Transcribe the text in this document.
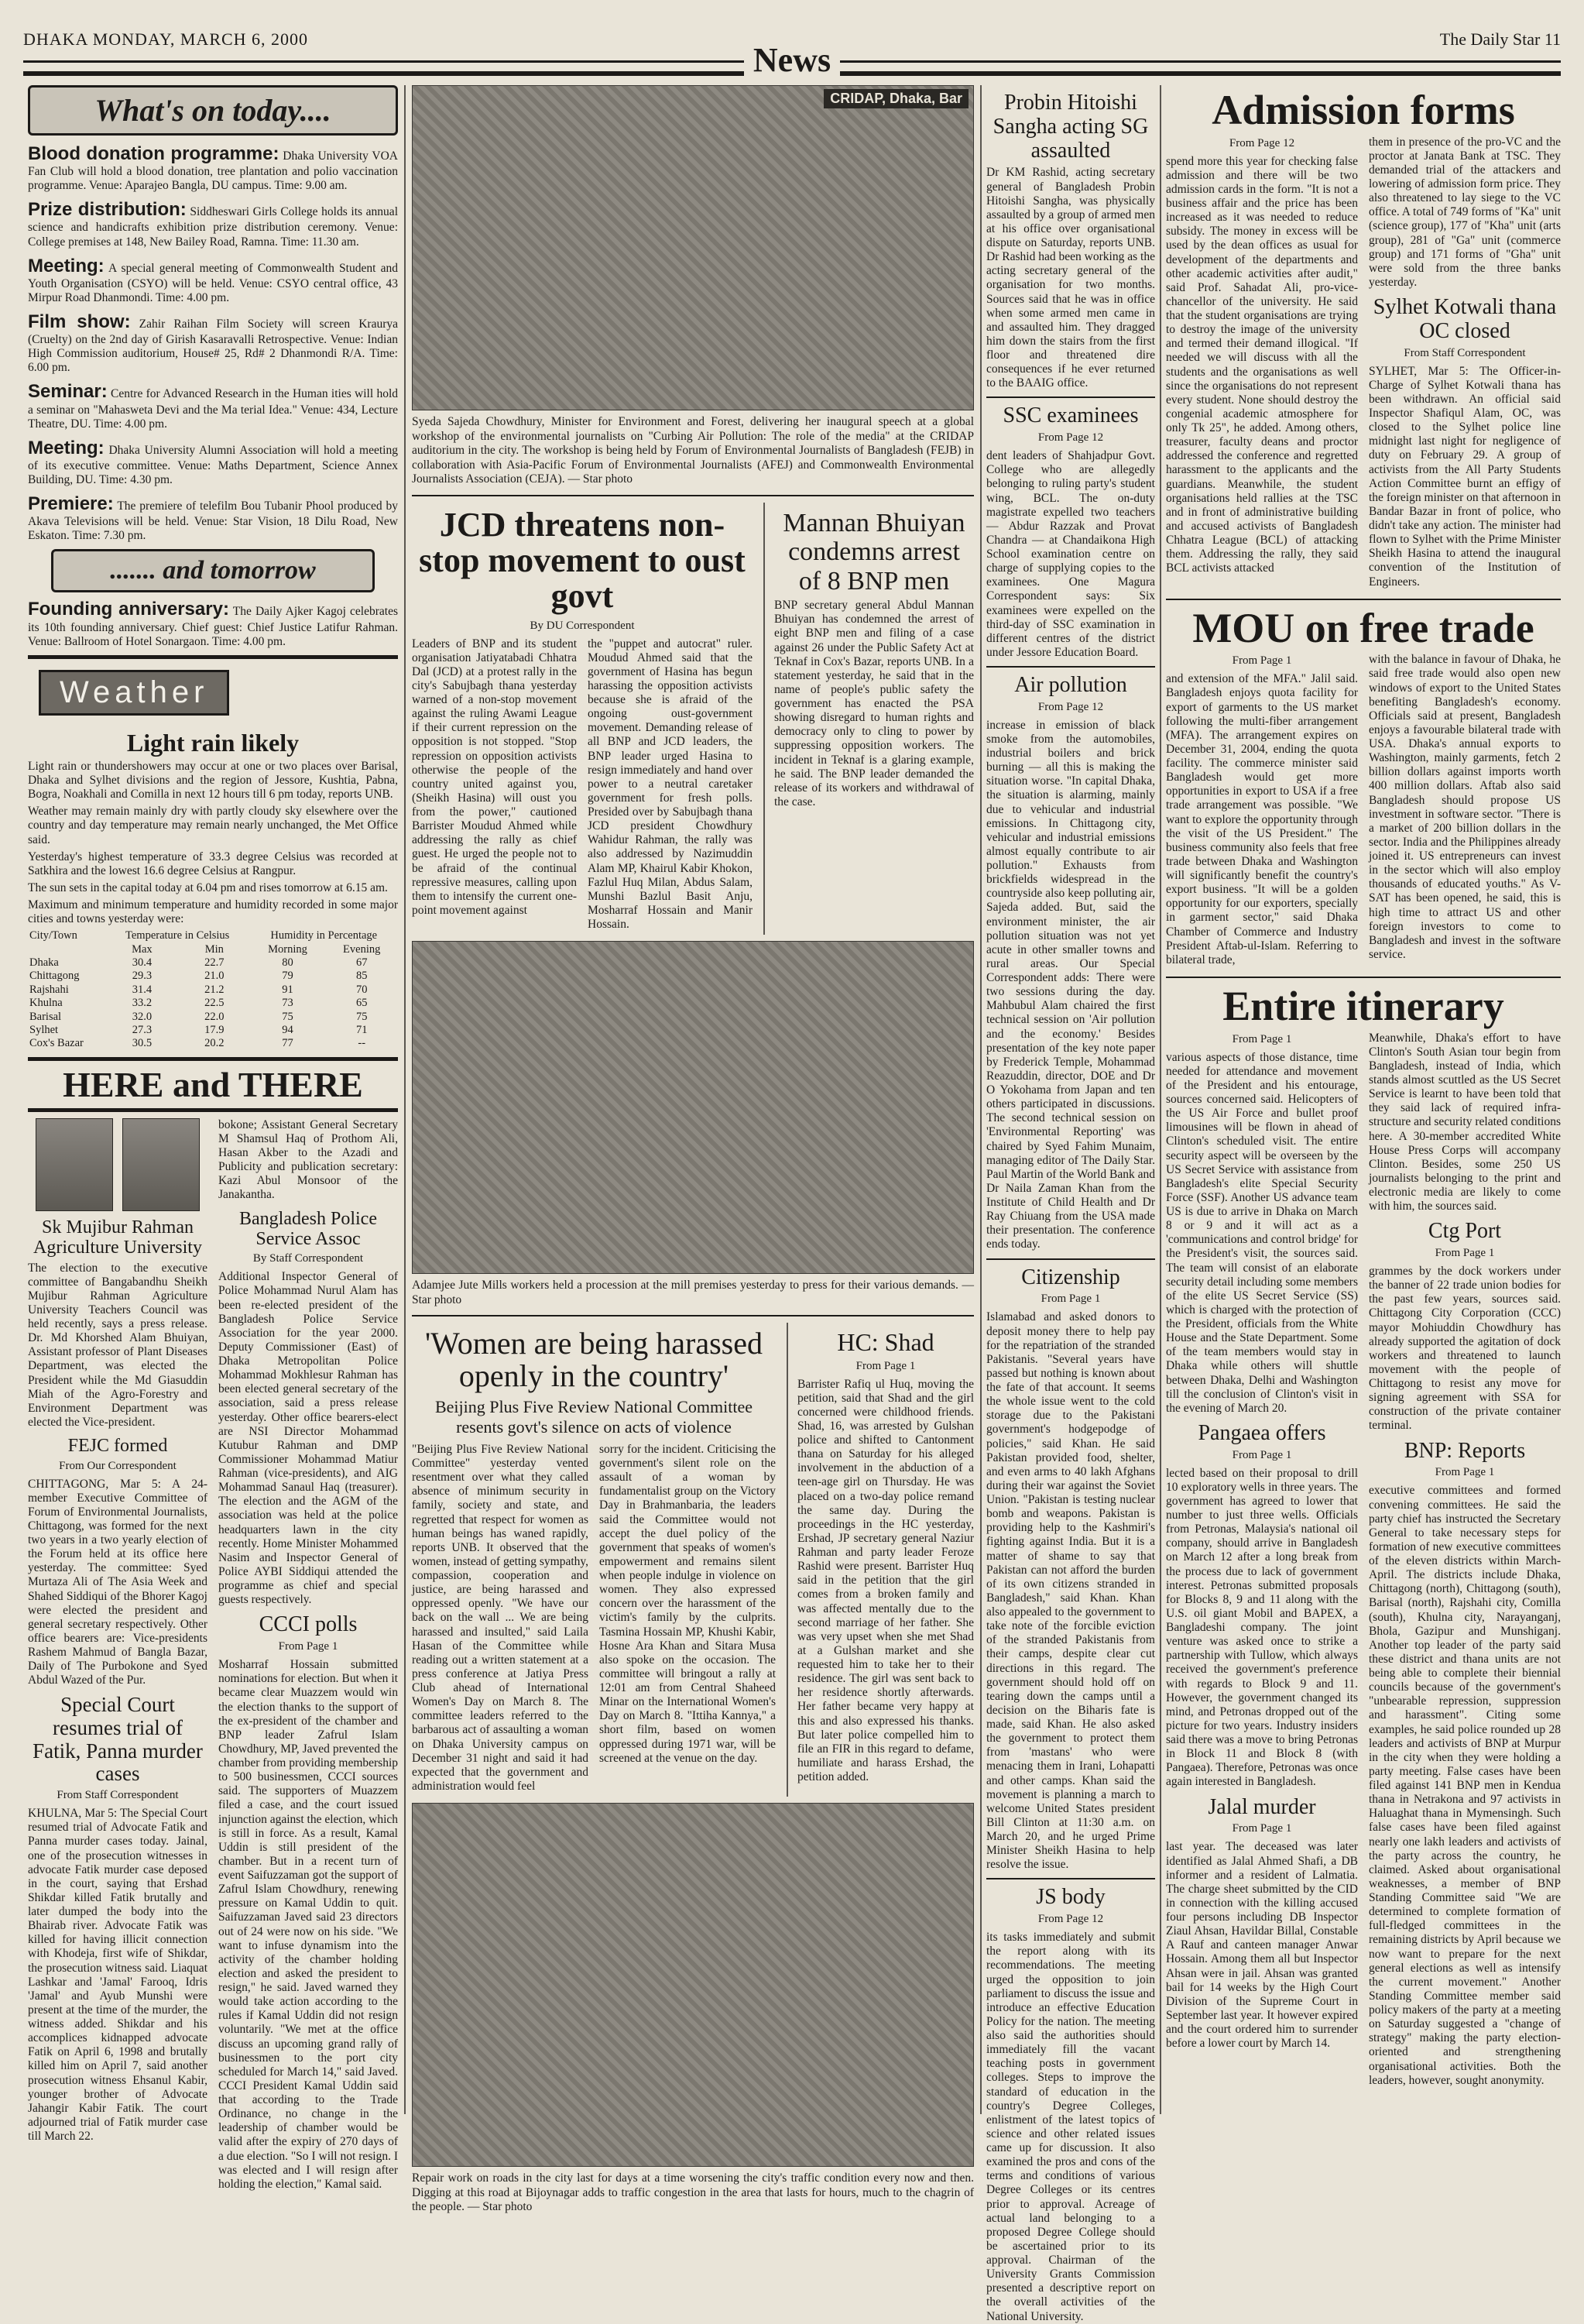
DHAKA MONDAY, MARCH 6, 2000
News
The Daily Star 11
What's on today....
Blood donation programme: Dhaka University VOA Fan Club will hold a blood donation, tree plantation and polio vaccination programme. Venue: Aparajeo Bangla, DU campus. Time: 9.00 am.
Prize distribution: Siddheswari Girls College holds its annual science and handicrafts exhibition prize distribution ceremony. Venue: College premises at 148, New Bailey Road, Ramna. Time: 11.30 am.
Meeting: A special general meeting of Commonwealth Student and Youth Organisation (CSYO) will be held. Venue: CSYO central office, 43 Mirpur Road Dhanmondi. Time: 4.00 pm.
Film show: Zahir Raihan Film Society will screen Kraurya (Cruelty) on the 2nd day of Girish Kasaravalli Retrospective. Venue: Indian High Commission auditorium, House# 25, Rd# 2 Dhanmondi R/A. Time: 6.00 pm.
Seminar: Centre for Advanced Research in the Human ities will hold a seminar on "Mahasweta Devi and the Ma terial Idea." Venue: 434, Lecture Theatre, DU. Time: 4.00 pm.
Meeting: Dhaka University Alumni Association will hold a meeting of its executive committee. Venue: Maths Department, Science Annex Building, DU. Time: 4.30 pm.
Premiere: The premiere of telefilm Bou Tubanir Phool produced by Akava Televisions will be held. Venue: Star Vision, 18 Dilu Road, New Eskaton. Time: 7.30 pm.
....... and tomorrow
Founding anniversary: The Daily Ajker Kagoj celebrates its 10th founding anniversary. Chief guest: Chief Justice Latifur Rahman. Venue: Ballroom of Hotel Sonargaon. Time: 4.00 pm.
Weather
Light rain likely

Light rain or thundershowers may occur at one or two places over Barisal, Dhaka and Sylhet divisions and the region of Jessore, Kushtia, Pabna, Bogra, Noakhali and Comilla in next 12 hours till 6 pm today, reports UNB.

Weather may remain mainly dry with partly cloudy sky elsewhere over the country and day temperature may remain nearly unchanged, the Met Office said.

Yesterday's highest temperature of 33.3 degree Celsius was recorded at Satkhira and the lowest 16.6 degree Celsius at Rangpur.

The sun sets in the capital today at 6.04 pm and rises tomorrow at 6.15 am.

Maximum and minimum temperature and humidity recorded in some major cities and towns yesterday were:

City/Town	Temperature in Celsius		Humidity in Percentage	
	Max	Min	Morning	Evening
Dhaka	30.4	22.7	80	67
Chittagong	29.3	21.0	79	85
Rajshahi	31.4	21.2	91	70
Khulna	33.2	22.5	73	65
Barisal	32.0	22.0	75	75
Sylhet	27.3	17.9	94	71
Cox's Bazar	30.5	20.2	77	--
HERE and THERE
Sk Mujibur Rahman Agriculture University

The election to the executive committee of Bangabandhu Sheikh Mujibur Rahman Agriculture University Teachers Council was held recently, says a press release. Dr. Md Khorshed Alam Bhuiyan, Assistant professor of Plant Diseases Department, was elected the President while the Md Giasuddin Miah of the Agro-Forestry and Environment Department was elected the Vice-president.

FEJC formed
From Our Correspondent

CHITTAGONG, Mar 5: A 24-member Executive Committee of Forum of Environmental Journalists, Chittagong, was formed for the next two years in a two yearly election of the Forum held at its office here yesterday. The committee: Syed Murtaza Ali of The Asia Week and Shahed Siddiqui of the Bhorer Kagoj were elected the president and general secretary respectively. Other office bearers are: Vice-presidents Rashem Mahmud of Bangla Bazar, Daily of The Purbokone and Syed Abdul Wazed of the Pur.

Special Court resumes trial of Fatik, Panna murder cases
From Staff Correspondent

KHULNA, Mar 5: The Special Court resumed trial of Advocate Fatik and Panna murder cases today. Jainal, one of the prosecution witnesses in advocate Fatik murder case deposed in the court, saying that Ershad Shikdar killed Fatik brutally and later dumped the body into the Bhairab river. Advocate Fatik was killed for having illicit connection with Khodeja, first wife of Shikdar, the prosecution witness said. Liaquat Lashkar and 'Jamal' Farooq, Idris 'Jamal' and Ayub Munshi were present at the time of the murder, the witness added. Shikdar and his accomplices kidnapped advocate Fatik on April 6, 1998 and brutally killed him on April 7, said another prosecution witness Ehsanul Kabir, younger brother of Advocate Jahangir Kabir Fatik. The court adjourned trial of Fatik murder case till March 22.

bokone; Assistant General Secretary M Shamsul Haq of Prothom Ali, Hasan Akber to the Azadi and Publicity and publication secretary: Kazi Abul Monsoor of the Janakantha.

Bangladesh Police Service Assoc
By Staff Correspondent

Additional Inspector General of Police Mohammad Nurul Alam has been re-elected president of the Bangladesh Police Service Association for the year 2000. Deputy Commissioner (East) of Dhaka Metropolitan Police Mohammad Mokhlesur Rahman has been elected general secretary of the association, said a press release yesterday. Other office bearers-elect are NSI Director Mohammad Kutubur Rahman and DMP Commissioner Mohammad Matiur Rahman (vice-presidents), and AIG Mohammad Sanaul Haq (treasurer). The election and the AGM of the association was held at the police headquarters lawn in the city recently. Home Minister Mohammed Nasim and Inspector General of Police AYBI Siddiqui attended the programme as chief and special guests respectively.

CCCI polls
From Page 1

Mosharraf Hossain submitted nominations for election. But when it became clear Muazzem would win the election thanks to the support of the ex-president of the chamber and BNP leader Zafrul Islam Chowdhury, MP, Javed prevented the chamber from providing membership to 500 businessmen, CCCI sources said. The supporters of Muazzem filed a case, and the court issued injunction against the election, which is still in force. As a result, Kamal Uddin is still president of the chamber. But in a recent turn of event Saifuzzaman got the support of Zafrul Islam Chowdhury, renewing pressure on Kamal Uddin to quit. Saifuzzaman Javed said 23 directors out of 24 were now on his side. "We want to infuse dynamism into the activity of the chamber holding election and asked the president to resign," he said. Javed warned they would take action according to the rules if Kamal Uddin did not resign voluntarily. "We met at the office discuss an upcoming grand rally of businessmen to the port city scheduled for March 14," said Javed. CCCI President Kamal Uddin said that according to the Trade Ordinance, no change in the leadership of chamber would be valid after the expiry of 270 days of a due election. "So I will not resign. I was elected and I will resign after holding the election," Kamal said.

CRIDAP, Dhaka, Bar

Syeda Sajeda Chowdhury, Minister for Environment and Forest, delivering her inaugural speech at a global workshop of the environmental journalists on "Curbing Air Pollution: The role of the media" at the CRIDAP auditorium in the city. The workshop is being held by Forum of Environmental Journalists of Bangladesh (FEJB) in collaboration with Asia-Pacific Forum of Environmental Journalists (AFEJ) and Commonwealth Environmental Journalists Association (CEJA). — Star photo

JCD threatens non-stop movement to oust govt
By DU Correspondent

Leaders of BNP and its student organisation Jatiyatabadi Chhatra Dal (JCD) at a protest rally in the city's Sabujbagh thana yesterday warned of a non-stop movement against the ruling Awami League if their current repression on the opposition is not stopped. "Stop repression on opposition activists otherwise the people of the country united against you, (Sheikh Hasina) will oust you from the power," cautioned Barrister Moudud Ahmed while addressing the rally as chief guest. He urged the people not to be afraid of the continual repressive measures, calling upon them to intensify the current one-point movement against

the "puppet and autocrat" ruler. Moudud Ahmed said that the government of Hasina has begun harassing the opposition activists because she is afraid of the ongoing oust-government movement. Demanding release of all BNP and JCD leaders, the BNP leader urged Hasina to resign immediately and hand over power to a neutral caretaker government for fresh polls. Presided over by Sabujbagh thana JCD president Chowdhury Wahidur Rahman, the rally was also addressed by Nazimuddin Alam MP, Khairul Kabir Khokon, Fazlul Huq Milan, Abdus Salam, Munshi Bazlul Basit Anju, Mosharraf Hossain and Manir Hossain.

Mannan Bhuiyan condemns arrest of 8 BNP men

BNP secretary general Abdul Mannan Bhuiyan has condemned the arrest of eight BNP men and filing of a case against 26 under the Public Safety Act at Teknaf in Cox's Bazar, reports UNB. In a statement yesterday, he said that in the name of people's public safety the government has enacted the PSA showing disregard to human rights and democracy only to cling to power by suppressing opposition workers. The incident in Teknaf is a glaring example, he said. The BNP leader demanded the release of its workers and withdrawal of the case.

Adamjee Jute Mills workers held a procession at the mill premises yesterday to press for their various demands. — Star photo

'Women are being harassed openly in the country'
Beijing Plus Five Review National Committee resents govt's silence on acts of violence

"Beijing Plus Five Review National Committee" yesterday vented resentment over what they called absence of minimum security in family, society and state, and regretted that respect for women as human beings has waned rapidly, reports UNB. It observed that the women, instead of getting sympathy, compassion, cooperation and justice, are being harassed and oppressed openly. "We have our back on the wall ... We are being harassed and insulted," said Laila Hasan of the Committee while reading out a written statement at a press conference at Jatiya Press Club ahead of International Women's Day on March 8. The committee leaders referred to the barbarous act of assaulting a woman on Dhaka University campus on December 31 night and said it had expected that the government and administration would feel

sorry for the incident. Criticising the government's silent role on the assault of a woman by fundamentalist group on the Victory Day in Brahmanbaria, the leaders said the Committee would not accept the duel policy of the government that speaks of women's empowerment and remains silent when people indulge in violence on women. They also expressed concern over the harassment of the victim's family by the culprits. Tasmina Hossain MP, Khushi Kabir, Hosne Ara Khan and Sitara Musa also spoke on the occasion. The committee will bringout a rally at 12:01 am from Central Shaheed Minar on the International Women's Day on March 8. "Ittiha Kannya," a short film, based on women oppressed during 1971 war, will be screened at the venue on the day.

HC: Shad
From Page 1

Barrister Rafiq ul Huq, moving the petition, said that Shad and the girl concerned were childhood friends. Shad, 16, was arrested by Gulshan police and shifted to Cantonment thana on Saturday for his alleged involvement in the abduction of a teen-age girl on Thursday. He was placed on a two-day police remand the same day. During the proceedings in the HC yesterday, Ershad, JP secretary general Naziur Rahman and party leader Feroze Rashid were present. Barrister Huq said in the petition that the girl comes from a broken family and was affected mentally due to the second marriage of her father. She was very upset when she met Shad at a Gulshan market and she requested him to take her to their residence. The girl was sent back to her residence shortly afterwards. Her father became very happy at this and also expressed his thanks. But later police compelled him to file an FIR in this regard to defame, humiliate and harass Ershad, the petition added.

Repair work on roads in the city last for days at a time worsening the city's traffic condition every now and then. Digging at this road at Bijoynagar adds to traffic congestion in the area that lasts for hours, much to the chagrin of the people. — Star photo

Probin Hitoishi Sangha acting SG assaulted

Dr KM Rashid, acting secretary general of Bangladesh Probin Hitoishi Sangha, was physically assaulted by a group of armed men at his office over organisational dispute on Saturday, reports UNB. Dr Rashid had been working as the acting secretary general of the organisation for two months. Sources said that he was in office when some armed men came in and assaulted him. They dragged him down the stairs from the first floor and threatened dire consequences if he ever returned to the BAAIG office.

SSC examinees
From Page 12

dent leaders of Shahjadpur Govt. College who are allegedly belonging to ruling party's student wing, BCL. The on-duty magistrate expelled two teachers — Abdur Razzak and Provat Chandra — at Chandaikona High School examination centre on charge of supplying copies to the examinees. One Magura Correspondent says: Six examinees were expelled on the third-day of SSC examination in different centres of the district under Jessore Education Board.

Air pollution
From Page 12

increase in emission of black smoke from the automobiles, industrial boilers and brick burning — all this is making the situation worse. "In capital Dhaka, the situation is alarming, mainly due to vehicular and industrial emissions. In Chittagong city, vehicular and industrial emissions almost equally contribute to air pollution." Exhausts from brickfields widespread in the countryside also keep polluting air, Sajeda added. But, said the environment minister, the air pollution situation was not yet acute in other smaller towns and rural areas. Our Special Correspondent adds: There were two sessions during the day. Mahbubul Alam chaired the first technical session on 'Air pollution and the economy.' Besides presentation of the key note paper by Frederick Temple, Mohammad Reazuddin, director, DOE and Dr O Yokohama from Japan and ten others participated in discussions. The second technical session on 'Environmental Reporting' was chaired by Syed Fahim Munaim, managing editor of The Daily Star. Paul Martin of the World Bank and Dr Naila Zaman Khan from the Institute of Child Health and Dr Ray Chiuang from the USA made their presentation. The conference ends today.

Citizenship
From Page 1

Islamabad and asked donors to deposit money there to help pay for the repatriation of the stranded Pakistanis. "Several years have passed but nothing is known about the fate of that account. It seems the whole issue went to the cold storage due to the Pakistani government's hodgepodge of policies," said Khan. He said Pakistan provided food, shelter, and even arms to 40 lakh Afghans during their war against the Soviet Union. "Pakistan is testing nuclear bomb and weapons. Pakistan is providing help to the Kashmiri's fighting against India. But it is a matter of shame to say that Pakistan can not afford the burden of its own citizens stranded in Bangladesh," said Khan. Khan also appealed to the government to take note of the forcible eviction of the stranded Pakistanis from their camps, despite clear cut directions in this regard. The government should hold off on tearing down the camps until a decision on the Biharis fate is made, said Khan. He also asked the government to protect them from 'mastans' who were menacing them in Irani, Lohapatti and other camps. Khan said the movement is planning a march to welcome United States president Bill Clinton at 11:30 a.m. on March 20, and he urged Prime Minister Sheikh Hasina to help resolve the issue.

JS body
From Page 12

its tasks immediately and submit the report along with its recommendations. The meeting urged the opposition to join parliament to discuss the issue and introduce an effective Education Policy for the nation. The meeting also said the authorities should immediately fill the vacant teaching posts in government colleges. Steps to improve the standard of education in the country's Degree Colleges, enlistment of the latest topics of science and other related issues came up for discussion. It also examined the pros and cons of the terms and conditions of various Degree Colleges or its centres prior to approval. Acreage of actual land belonging to a proposed Degree College should be ascertained prior to its approval. Chairman of the University Grants Commission presented a descriptive report on the overall activities of the National University.

Admission forms
From Page 12

spend more this year for checking false admission and there will be two admission cards in the form. "It is not a business affair and the price has been increased as it was needed to reduce subsidy. The money in excess will be used by the dean offices as usual for development of the departments and other academic activities after audit," said Prof. Sahadat Ali, pro-vice-chancellor of the university. He said that the student organisations are trying to destroy the image of the university and termed their demand illogical. "If needed we will discuss with all the students and the organisations as well since the organisations do not represent every student. None should destroy the congenial academic atmosphere for only Tk 25", he added. Among others, treasurer, faculty deans and proctor addressed the conference and regretted harassment to the applicants and the guardians. Meanwhile, the student organisations held rallies at the TSC and in front of administrative building and accused activists of Bangladesh Chhatra League (BCL) of attacking them. Addressing the rally, they said BCL activists attacked

them in presence of the pro-VC and the proctor at Janata Bank at TSC. They demanded trial of the attackers and lowering of admission form price. They also threatened to lay siege to the VC office. A total of 749 forms of "Ka" unit (science group), 177 of "Kha" unit (arts group), 281 of "Ga" unit (commerce group) and 171 forms of "Gha" unit were sold from the three banks yesterday.

Sylhet Kotwali thana OC closed
From Staff Correspondent

SYLHET, Mar 5: The Officer-in-Charge of Sylhet Kotwali thana has been withdrawn. An official said Inspector Shafiqul Alam, OC, was closed to the Sylhet police line midnight last night for negligence of duty on February 29. A group of activists from the All Party Students Action Committee burnt an effigy of the foreign minister on that afternoon in Bandar Bazar in front of police, who didn't take any action. The minister had flown to Sylhet with the Prime Minister Sheikh Hasina to attend the inaugural convention of the Institution of Engineers.

MOU on free trade
From Page 1

and extension of the MFA." Jalil said. Bangladesh enjoys quota facility for export of garments to the US market following the multi-fiber arrangement (MFA). The arrangement expires on December 31, 2004, ending the quota facility. The commerce minister said Bangladesh would get more opportunities in export to USA if a free trade arrangement was possible. "We want to explore the opportunity through the visit of the US President." The business community also feels that free trade between Dhaka and Washington will significantly benefit the country's export business. "It will be a golden opportunity for our exporters, specially in garment sector," said Dhaka Chamber of Commerce and Industry President Aftab-ul-Islam. Referring to bilateral trade,

with the balance in favour of Dhaka, he said free trade would also open new windows of export to the United States benefiting Bangladesh's economy. Officials said at present, Bangladesh enjoys a favourable bilateral trade with USA. Dhaka's annual exports to Washington, mainly garments, fetch 2 billion dollars against imports worth 400 million dollars. Aftab also said Bangladesh should propose US investment in software sector. "There is a market of 200 billion dollars in the sector. India and the Philippines already joined it. US entrepreneurs can invest in the sector which will also employ thousands of educated youths." As V-SAT has been opened, he said, this is high time to attract US and other foreign investors to come to Bangladesh and invest in the software service.

Entire itinerary
From Page 1

various aspects of those distance, time needed for attendance and movement of the President and his entourage, sources concerned said. Helicopters of the US Air Force and bullet proof limousines will be flown in ahead of Clinton's scheduled visit. The entire security aspect will be overseen by the US Secret Service with assistance from Bangladesh's elite Special Security Force (SSF). Another US advance team US is due to arrive in Dhaka on March 8 or 9 and it will act as a 'communications and control bridge' for the President's visit, the sources said. The team will consist of an elaborate security detail including some members of the elite US Secret Service (SS) which is charged with the protection of the President, officials from the White House and the State Department. Some of the team members would stay in Dhaka while others will shuttle between Dhaka, Delhi and Washington till the conclusion of Clinton's visit in the evening of March 20.

Pangaea offers
From Page 1

lected based on their proposal to drill 10 exploratory wells in three years. The government has agreed to lower that number to just three wells. Officials from Petronas, Malaysia's national oil company, should arrive in Bangladesh on March 12 after a long break from the process due to lack of government interest. Petronas submitted proposals for Blocks 8, 9 and 11 along with the U.S. oil giant Mobil and BAPEX, a Bangladeshi company. The joint venture was asked once to strike a partnership with Tullow, which always received the government's preference with regards to Block 9 and 11. However, the government changed its mind, and Petronas dropped out of the picture for two years. Industry insiders said there was a move to bring Petronas in Block 11 and Block 8 (with Pangaea). Therefore, Petronas was once again interested in Bangladesh.

Jalal murder
From Page 1

last year. The deceased was later identified as Jalal Ahmed Shafi, a DB informer and a resident of Lalmatia. The charge sheet submitted by the CID in connection with the killing accused four persons including DB Inspector Ziaul Ahsan, Havildar Billal, Constable A Rauf and canteen manager Anwar Hossain. Among them all but Inspector Ahsan were in jail. Ahsan was granted bail for 14 weeks by the High Court Division of the Supreme Court in September last year. It however expired and the court ordered him to surrender before a lower court by March 14.

Meanwhile, Dhaka's effort to have Clinton's South Asian tour begin from Bangladesh, instead of India, which stands almost scuttled as the US Secret Service is learnt to have been told that they said lack of required infra-structure and security related conditions here. A 30-member accredited White House Press Corps will accompany Clinton. Besides, some 250 US journalists belonging to the print and electronic media are likely to come with him, the sources said.

Ctg Port
From Page 1

grammes by the dock workers under the banner of 22 trade union bodies for the past few years, sources said. Chittagong City Corporation (CCC) mayor Mohiuddin Chowdhury has already supported the agitation of dock workers and threatened to launch movement with the people of Chittagong to resist any move for signing agreement with SSA for construction of the private container terminal.

BNP: Reports
From Page 1

executive committees and formed convening committees. He said the party chief has instructed the Secretary General to take necessary steps for formation of new executive committees of the eleven districts within March-April. The districts include Dhaka, Chittagong (north), Chittagong (south), Barisal (north), Rajshahi city, Comilla (south), Khulna city, Narayanganj, Bhola, Gazipur and Munshiganj. Another top leader of the party said these district and thana units are not being able to complete their biennial councils because of the government's "unbearable repression, suppression and harassment". Citing some examples, he said police rounded up 28 leaders and activists of BNP at Murpur in the city when they were holding a party meeting. False cases have been filed against 141 BNP men in Kendua thana in Netrakona and 97 activists in Haluaghat thana in Mymensingh. Such false cases have been filed against nearly one lakh leaders and activists of the party across the country, he claimed. Asked about organisational weaknesses, a member of BNP Standing Committee said "We are determined to complete formation of full-fledged committees in the remaining districts by April because we now want to prepare for the next general elections as well as intensify the current movement." Another Standing Committee member said policy makers of the party at a meeting on Saturday suggested a "change of strategy" making the party election-oriented and strengthening organisational activities. Both the leaders, however, sought anonymity.
